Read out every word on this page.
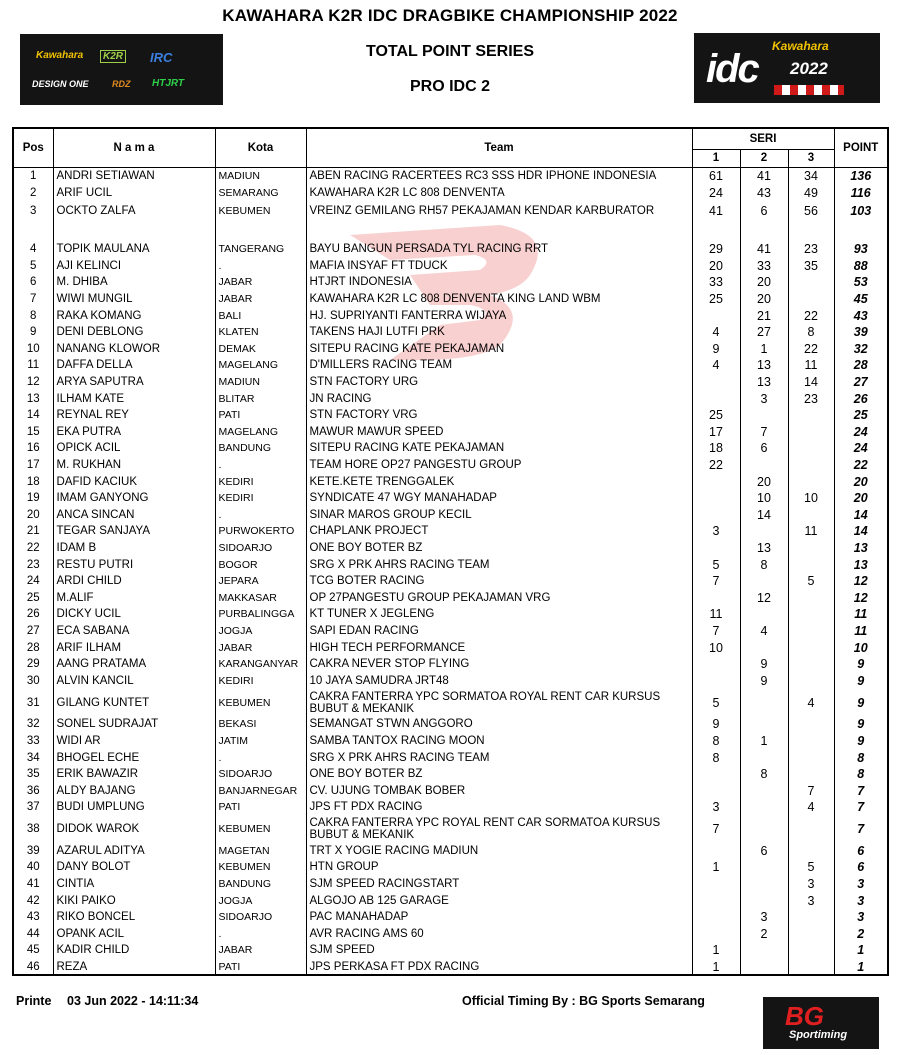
KAWAHARA K2R IDC DRAGBIKE CHAMPIONSHIP 2022
TOTAL POINT SERIES
PRO IDC 2
Kawahara	K2R IRC
DESIGN ONE	RDZ HTJRT
Kawahara
idc 2022
Pos	N a m a	Kota	Team	SERI			POINT
				1	2	3	
1	ANDRI SETIAWAN	MADIUN	ABEN RACING RACERTEES RC3 SSS HDR IPHONE INDONESIA	61	41	34	136
2	ARIF UCIL	SEMARANG	KAWAHARA K2R LC 808 DENVENTA	24	43	49	116
3	OCKTO ZALFA	KEBUMEN	VREINZ GEMILANG RH57 PEKAJAMAN KENDAR KARBURATOR	41	6	56	103

4	TOPIK MAULANA	TANGERANG	BAYU BANGUN PERSADA TYL RACING RRT	29	41	23	93
5	AJI KELINCI	.	MAFIA INSYAF FT TDUCK	20	33	35	88
6	M. DHIBA	JABAR	HTJRT INDONESIA	33	20		53
7	WIWI MUNGIL	JABAR	KAWAHARA K2R LC 808 DENVENTA KING LAND WBM	25	20		45
8	RAKA KOMANG	BALI	HJ. SUPRIYANTI FANTERRA WIJAYA		21	22	43
9	DENI DEBLONG	KLATEN	TAKENS HAJI LUTFI PRK	4	27	8	39
10	NANANG KLOWOR	DEMAK	SITEPU RACING KATE PEKAJAMAN	9	1	22	32
11	DAFFA DELLA	MAGELANG	D'MILLERS RACING TEAM	4	13	11	28
12	ARYA SAPUTRA	MADIUN	STN FACTORY URG		13	14	27
13	ILHAM KATE	BLITAR	JN RACING		3	23	26
14	REYNAL REY	PATI	STN FACTORY VRG	25			25
15	EKA PUTRA	MAGELANG	MAWUR MAWUR SPEED	17	7		24
16	OPICK ACIL	BANDUNG	SITEPU RACING KATE PEKAJAMAN	18	6		24
17	M. RUKHAN	.	TEAM HORE OP27 PANGESTU GROUP	22			22
18	DAFID KACIUK	KEDIRI	KETE.KETE TRENGGALEK		20		20
19	IMAM GANYONG	KEDIRI	SYNDICATE 47 WGY MANAHADAP		10	10	20
20	ANCA SINCAN	.	SINAR MAROS GROUP KECIL		14		14
21	TEGAR SANJAYA	PURWOKERTO	CHAPLANK PROJECT	3		11	14
22	IDAM B	SIDOARJO	ONE BOY BOTER BZ		13		13
23	RESTU PUTRI	BOGOR	SRG X PRK AHRS RACING TEAM	5	8		13
24	ARDI CHILD	JEPARA	TCG BOTER RACING	7		5	12
25	M.ALIF	MAKKASAR	OP 27PANGESTU GROUP PEKAJAMAN VRG		12		12
26	DICKY UCIL	PURBALINGGA	KT TUNER X JEGLENG	11			11
27	ECA SABANA	JOGJA	SAPI EDAN RACING	7	4		11
28	ARIF ILHAM	JABAR	HIGH TECH PERFORMANCE	10			10
29	AANG PRATAMA	KARANGANYAR	CAKRA NEVER STOP FLYING		9		9
30	ALVIN KANCIL	KEDIRI	10 JAYA SAMUDRA JRT48		9		9
31	GILANG KUNTET	KEBUMEN	CAKRA FANTERRA YPC SORMATOA ROYAL RENT CAR KURSUS BUBUT & MEKANIK	5		4	9
32	SONEL SUDRAJAT	BEKASI	SEMANGAT STWN ANGGORO	9			9
33	WIDI AR	JATIM	SAMBA TANTOX RACING MOON	8	1		9
34	BHOGEL ECHE	.	SRG X PRK AHRS RACING TEAM	8			8
35	ERIK BAWAZIR	SIDOARJO	ONE BOY BOTER BZ		8		8
36	ALDY BAJANG	BANJARNEGAR	CV. UJUNG TOMBAK BOBER			7	7
37	BUDI UMPLUNG	PATI	JPS FT PDX RACING	3		4	7
38	DIDOK WAROK	KEBUMEN	CAKRA FANTERRA YPC ROYAL RENT CAR SORMATOA KURSUS BUBUT & MEKANIK	7			7
39	AZARUL ADITYA	MAGETAN	TRT X YOGIE RACING MADIUN		6		6
40	DANY BOLOT	KEBUMEN	HTN GROUP	1		5	6
41	CINTIA	BANDUNG	SJM SPEED RACINGSTART			3	3
42	KIKI PAIKO	JOGJA	ALGOJO AB 125 GARAGE			3	3
43	RIKO BONCEL	SIDOARJO	PAC MANAHADAP		3		3
44	OPANK ACIL	.	AVR RACING AMS 60		2		2
45	KADIR CHILD	JABAR	SJM SPEED	1			1
46	REZA	PATI	JPS PERKASA FT PDX RACING	1			1
Printe 03 Jun 2022 - 14:11:34	Official Timing By : BG Sports Semarang	BG
Sportiming
